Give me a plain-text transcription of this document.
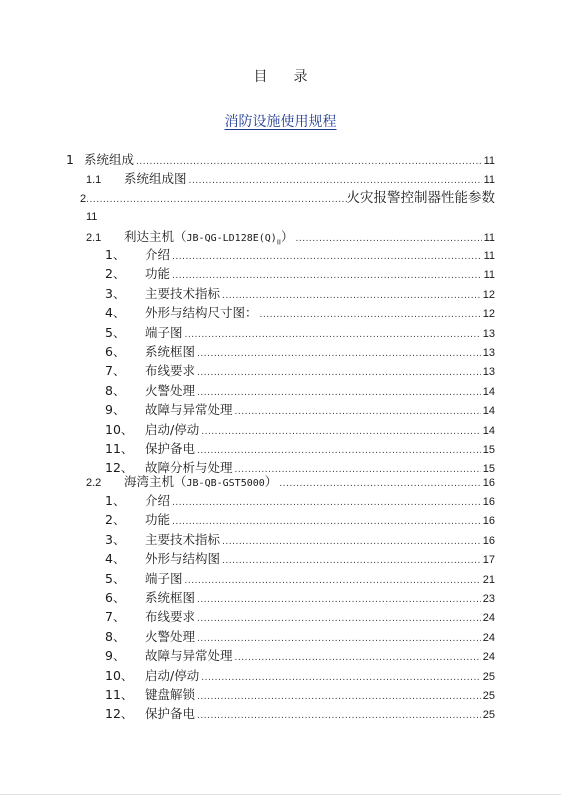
目 录
消防设施使用规程
1 系统组成 .....	11
1.1	系统组成图 .....	11
2 .....	火灾报警控制器性能参数
11
2.1	利达主机$(JB-QG-LD128E(Q)_{II})$ .....	11
1、	介绍 .....	11
2、	功能 .....	11
3、	主要技术指标 .....	12
4、	外形与结构尺寸图： .....	12
5、	端子图 .....	13
6、	系统框图 .....	13
7、	布线要求 .....	13
8、	火警处理 .....	14
9、	故障与异常处理 .....	14
10、 启动/停动 .....	14
11、 保护备电 .....	15
12、 故障分析与处理 .....	15
2.2	海湾主机（JB-QB-GST5000） .....	16
1、	介绍 .....	16
2、	功能 .....	16
3、	主要技术指标 .....	16
4、	外形与结构图 .....	17
5、	端子图 .....	21
6、	系统框图 .....	23
7、	布线要求 .....	24
8、	火警处理 .....	24
9、	故障与异常处理 .....	24
10、 启动/停动 .....	25
11、 键盘解锁 .....	25
12、 保护备电 .....	25
